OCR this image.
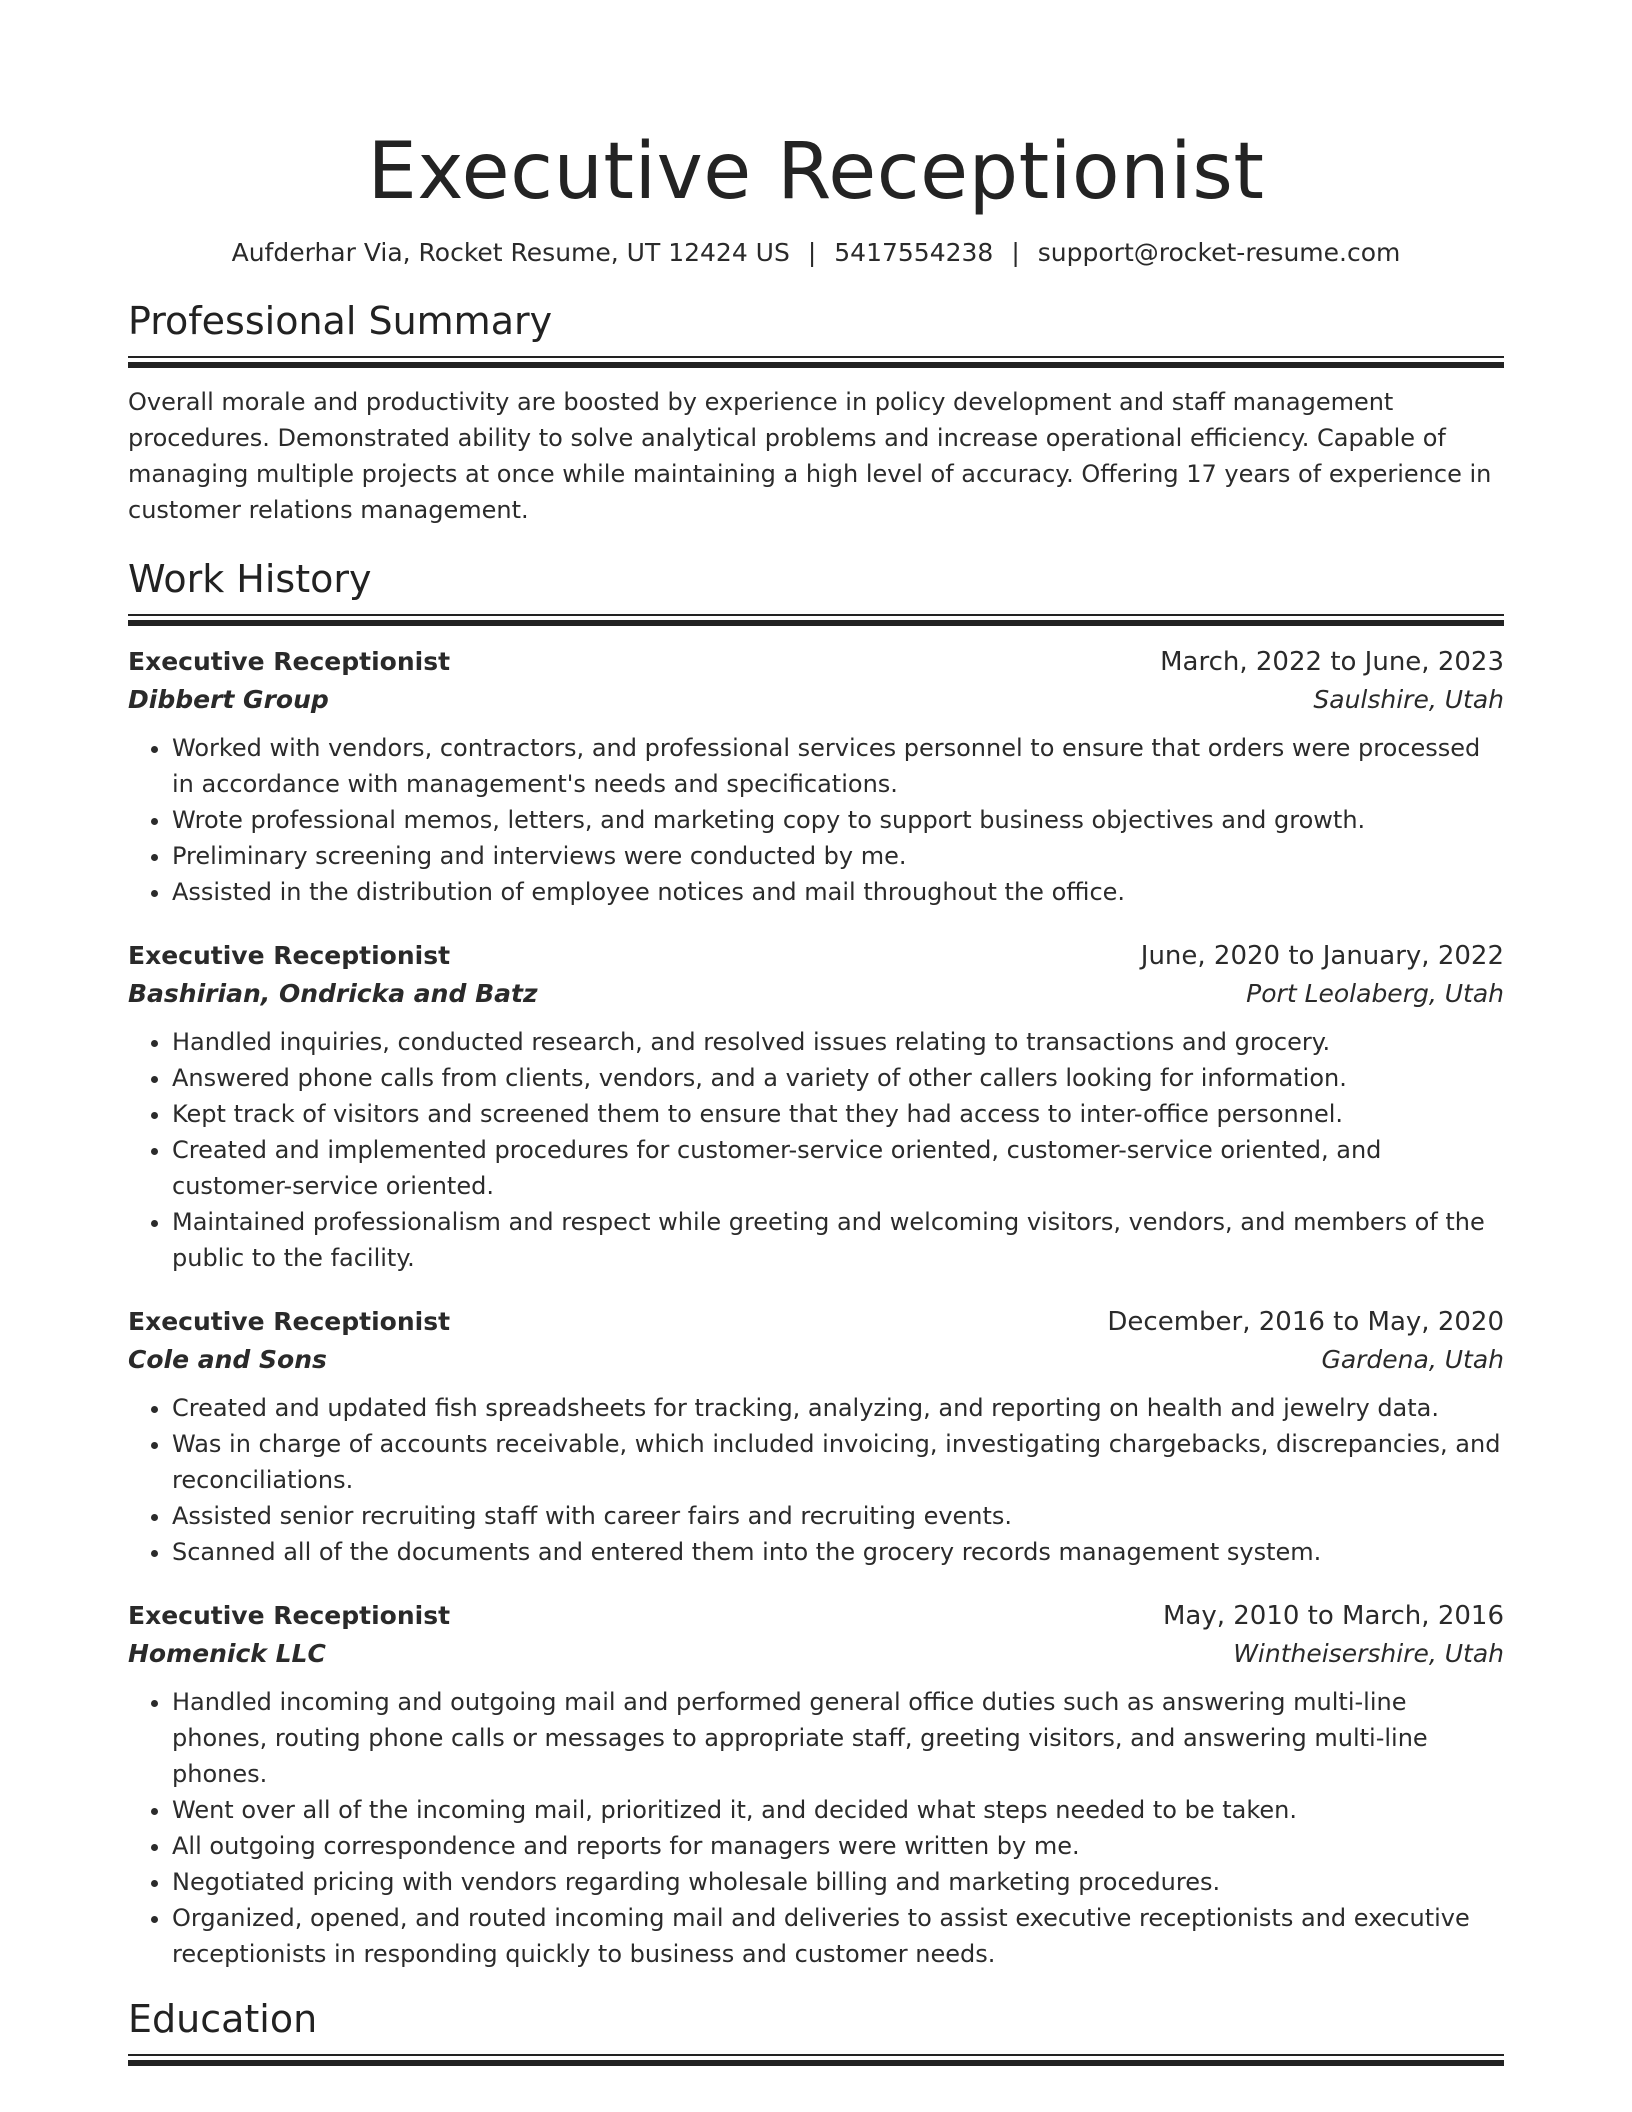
Executive Receptionist
Aufderhar Via, Rocket Resume, UT 12424 US | 5417554238 | support@rocket-resume.com
Professional Summary

Overall morale and productivity are boosted by experience in policy development and staff management procedures. Demonstrated ability to solve analytical problems and increase operational efficiency. Capable of managing multiple projects at once while maintaining a high level of accuracy. Offering 17 years of experience in customer relations management.

Work History
Executive Receptionist	March, 2022 to June, 2023
Dibbert Group	Saulshire, Utah
• Worked with vendors, contractors, and professional services personnel to ensure that orders were processed in accordance with management's needs and specifications.
• Wrote professional memos, letters, and marketing copy to support business objectives and growth.
• Preliminary screening and interviews were conducted by me.
• Assisted in the distribution of employee notices and mail throughout the office.
Executive Receptionist	June, 2020 to January, 2022
Bashirian, Ondricka and Batz	Port Leolaberg, Utah
• Handled inquiries, conducted research, and resolved issues relating to transactions and grocery.
• Answered phone calls from clients, vendors, and a variety of other callers looking for information.
• Kept track of visitors and screened them to ensure that they had access to inter-office personnel.
• Created and implemented procedures for customer-service oriented, customer-service oriented, and customer-service oriented.
• Maintained professionalism and respect while greeting and welcoming visitors, vendors, and members of the public to the facility.
Executive Receptionist	December, 2016 to May, 2020
Cole and Sons	Gardena, Utah
• Created and updated fish spreadsheets for tracking, analyzing, and reporting on health and jewelry data.
• Was in charge of accounts receivable, which included invoicing, investigating chargebacks, discrepancies, and reconciliations.
• Assisted senior recruiting staff with career fairs and recruiting events.
• Scanned all of the documents and entered them into the grocery records management system.
Executive Receptionist	May, 2010 to March, 2016
Homenick LLC	Wintheisershire, Utah
• Handled incoming and outgoing mail and performed general office duties such as answering multi-line phones, routing phone calls or messages to appropriate staff, greeting visitors, and answering multi-line phones.
• Went over all of the incoming mail, prioritized it, and decided what steps needed to be taken.
• All outgoing correspondence and reports for managers were written by me.
• Negotiated pricing with vendors regarding wholesale billing and marketing procedures.
• Organized, opened, and routed incoming mail and deliveries to assist executive receptionists and executive receptionists in responding quickly to business and customer needs.
Education
